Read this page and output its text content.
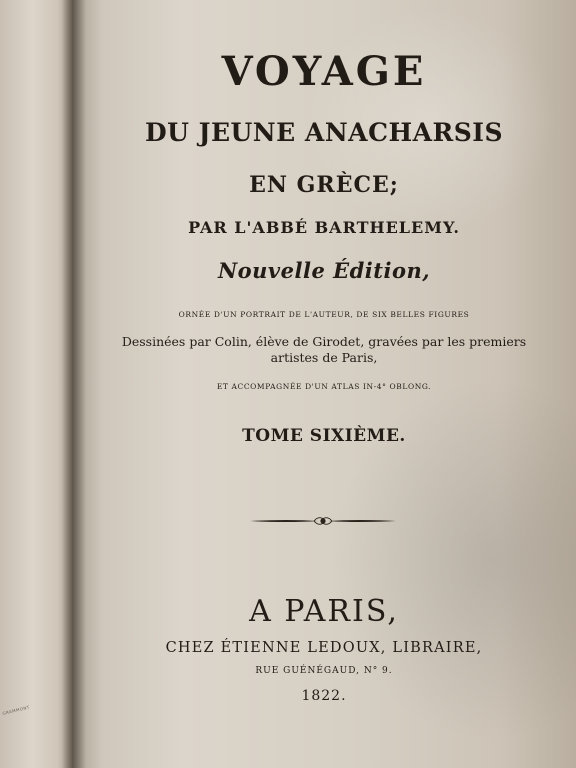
GRAMMONT
VOYAGE
DU JEUNE ANACHARSIS
EN GRÈCE;
PAR L'ABBÉ BARTHELEMY.
Nouvelle Édition,
ORNÉE D'UN PORTRAIT DE L'AUTEUR, DE SIX BELLES FIGURES
Dessinées par Colin, élève de Girodet, gravées par les premiers
artistes de Paris,
ET ACCOMPAGNÉE D'UN ATLAS IN-4° OBLONG.
TOME SIXIÈME.
A PARIS,
CHEZ ÉTIENNE LEDOUX, LIBRAIRE,
RUE GUÉNÉGAUD, N° 9.
1822.
